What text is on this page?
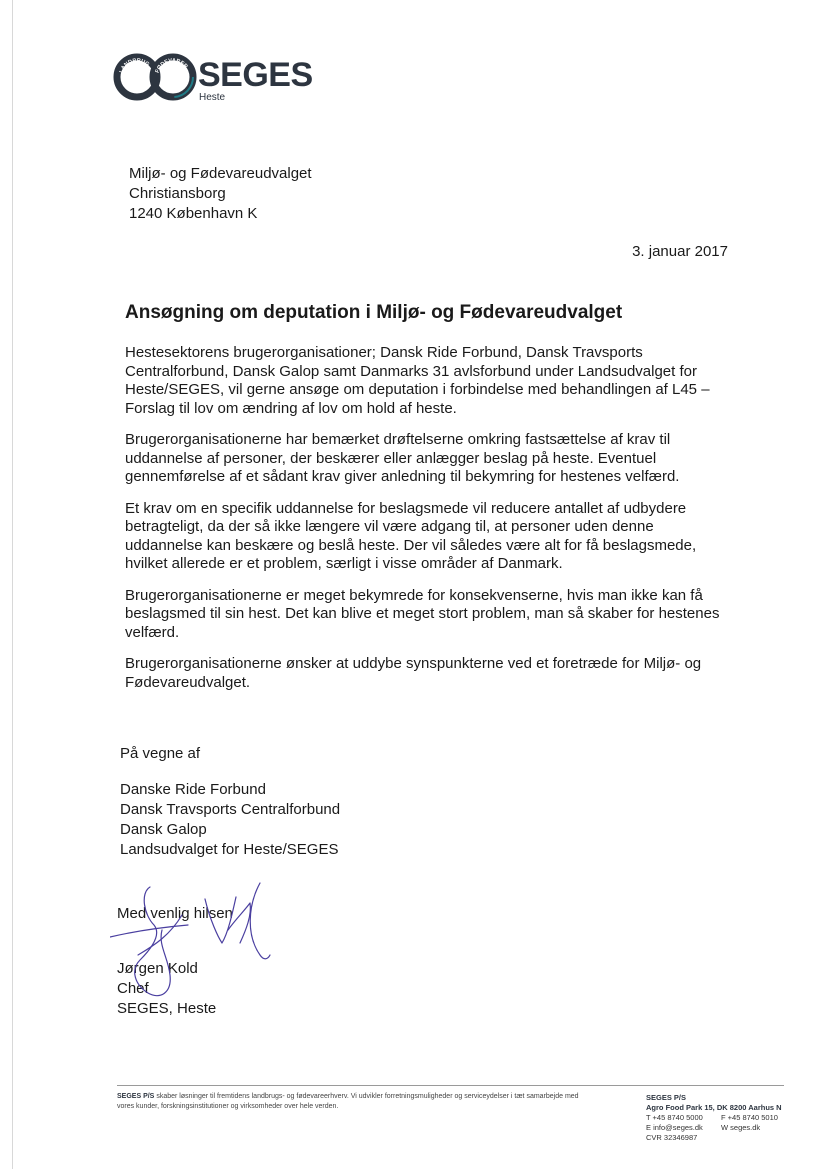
LANDBRUG
FØDEVARER SEGES
Heste
Miljø- og Fødevareudvalget
Christiansborg
1240 København K
3. januar 2017
Ansøgning om deputation i Miljø- og Fødevareudvalget

Hestesektorens brugerorganisationer; Dansk Ride Forbund, Dansk Travsports Centralforbund, Dansk Galop samt Danmarks 31 avlsforbund under Landsudvalget for Heste/SEGES, vil gerne ansøge om deputation i forbindelse med behandlingen af L45 – Forslag til lov om ændring af lov om hold af heste.

Brugerorganisationerne har bemærket drøftelserne omkring fastsættelse af krav til uddannelse af personer, der beskærer eller anlægger beslag på heste. Eventuel gennemførelse af et sådant krav giver anledning til bekymring for hestenes velfærd.

Et krav om en specifik uddannelse for beslagsmede vil reducere antallet af udbydere betragteligt, da der så ikke længere vil være adgang til, at personer uden denne uddannelse kan beskære og beslå heste. Der vil således være alt for få beslagsmede, hvilket allerede er et problem, særligt i visse områder af Danmark.

Brugerorganisationerne er meget bekymrede for konsekvenserne, hvis man ikke kan få beslagsmed til sin hest. Det kan blive et meget stort problem, man så skaber for hestenes velfærd.

Brugerorganisationerne ønsker at uddybe synspunkterne ved et foretræde for Miljø- og Fødevareudvalget.

På vegne af
Danske Ride Forbund
Dansk Travsports Centralforbund
Dansk Galop
Landsudvalget for Heste/SEGES
Med venlig hilsen
Jørgen Kold
Chef
SEGES, Heste
SEGES P/S skaber løsninger til fremtidens landbrugs- og fødevareerhverv. Vi udvikler forretningsmuligheder og serviceydelser i tæt samarbejde med vores kunder, forskningsinstitutioner og virksomheder over hele verden.
SEGES P/S
Agro Food Park 15, DK 8200 Aarhus N
T +45 8740 5000 F +45 8740 5010
E info@seges.dk W seges.dk
CVR 32346987
